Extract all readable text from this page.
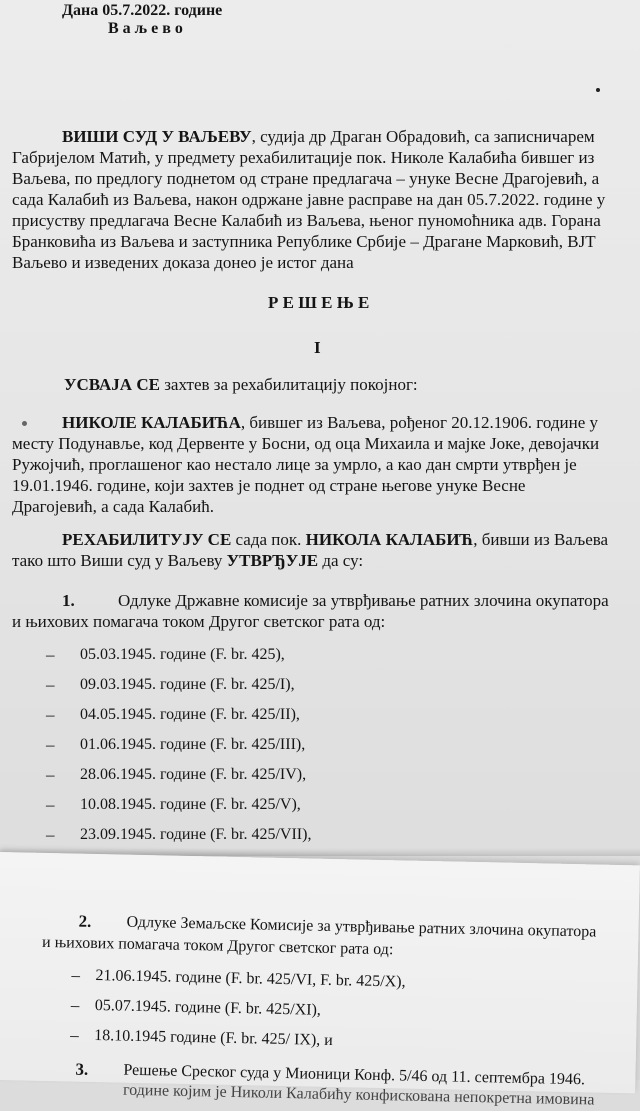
Дана 05.7.2022. године
В а љ е в о
ВИШИ СУД У ВАЉЕВУ, судија др Драган Обрадовић, са записничарем
Габријелом Матић, у предмету рехабилитације пок. Николе Калабића бившег из
Ваљева, по предлогу поднетом од стране предлагача – унуке Весне Драгојевић, а
сада Калабић из Ваљева, након одржане јавне расправе на дан 05.7.2022. године у
присуству предлагача Весне Калабић из Ваљева, њеног пуномоћника адв. Горана
Бранковића из Ваљева и заступника Републике Србије – Драгане Марковић, ВЈТ
Ваљево и изведених доказа донео је истог дана
Р Е Ш Е Њ Е
I
УСВАЈА СЕ захтев за рехабилитацију покојног:
НИКОЛЕ КАЛАБИЋА, бившег из Ваљева, рођеног 20.12.1906. године у
месту Подунавље, код Дервенте у Босни, од оца Михаила и мајке Јоке, девојачки
Ружојчић, проглашеног као нестало лице за умрло, а као дан смрти утврђен је
19.01.1946. године, који захтев је поднет од стране његове унуке Весне
Драгојевић, а сада Калабић.
РЕХАБИЛИТУЈУ СЕ сада пок. НИКОЛА КАЛАБИЋ, бивши из Ваљева
тако што Виши суд у Ваљеву УТВРЂУЈЕ да су:
1.	Одлуке Државне комисије за утврђивање ратних злочина окупатора
и њихових помагача током Другог светског рата од:
– 05.03.1945. године (F. br. 425),
– 09.03.1945. године (F. br. 425/I),
– 04.05.1945. године (F. br. 425/II),
– 01.06.1945. године (F. br. 425/III),
– 28.06.1945. године (F. br. 425/IV),
– 10.08.1945. године (F. br. 425/V),
– 23.09.1945. године (F. br. 425/VII),
2. Одлуке Земаљске Комисије за утврђивање ратних злочина окупатора
и њихових помагача током Другог светског рата од:
– 21.06.1945. године (F. br. 425/VI, F. br. 425/X),
– 05.07.1945. године (F. br. 425/XI),
– 18.10.1945 године (F. br. 425/ IX), и
3. Решење Среског суда у Мионици Конф. 5/46 од 11. септембра 1946.
године којим је Николи Калабићу конфискована непокретна имовина
